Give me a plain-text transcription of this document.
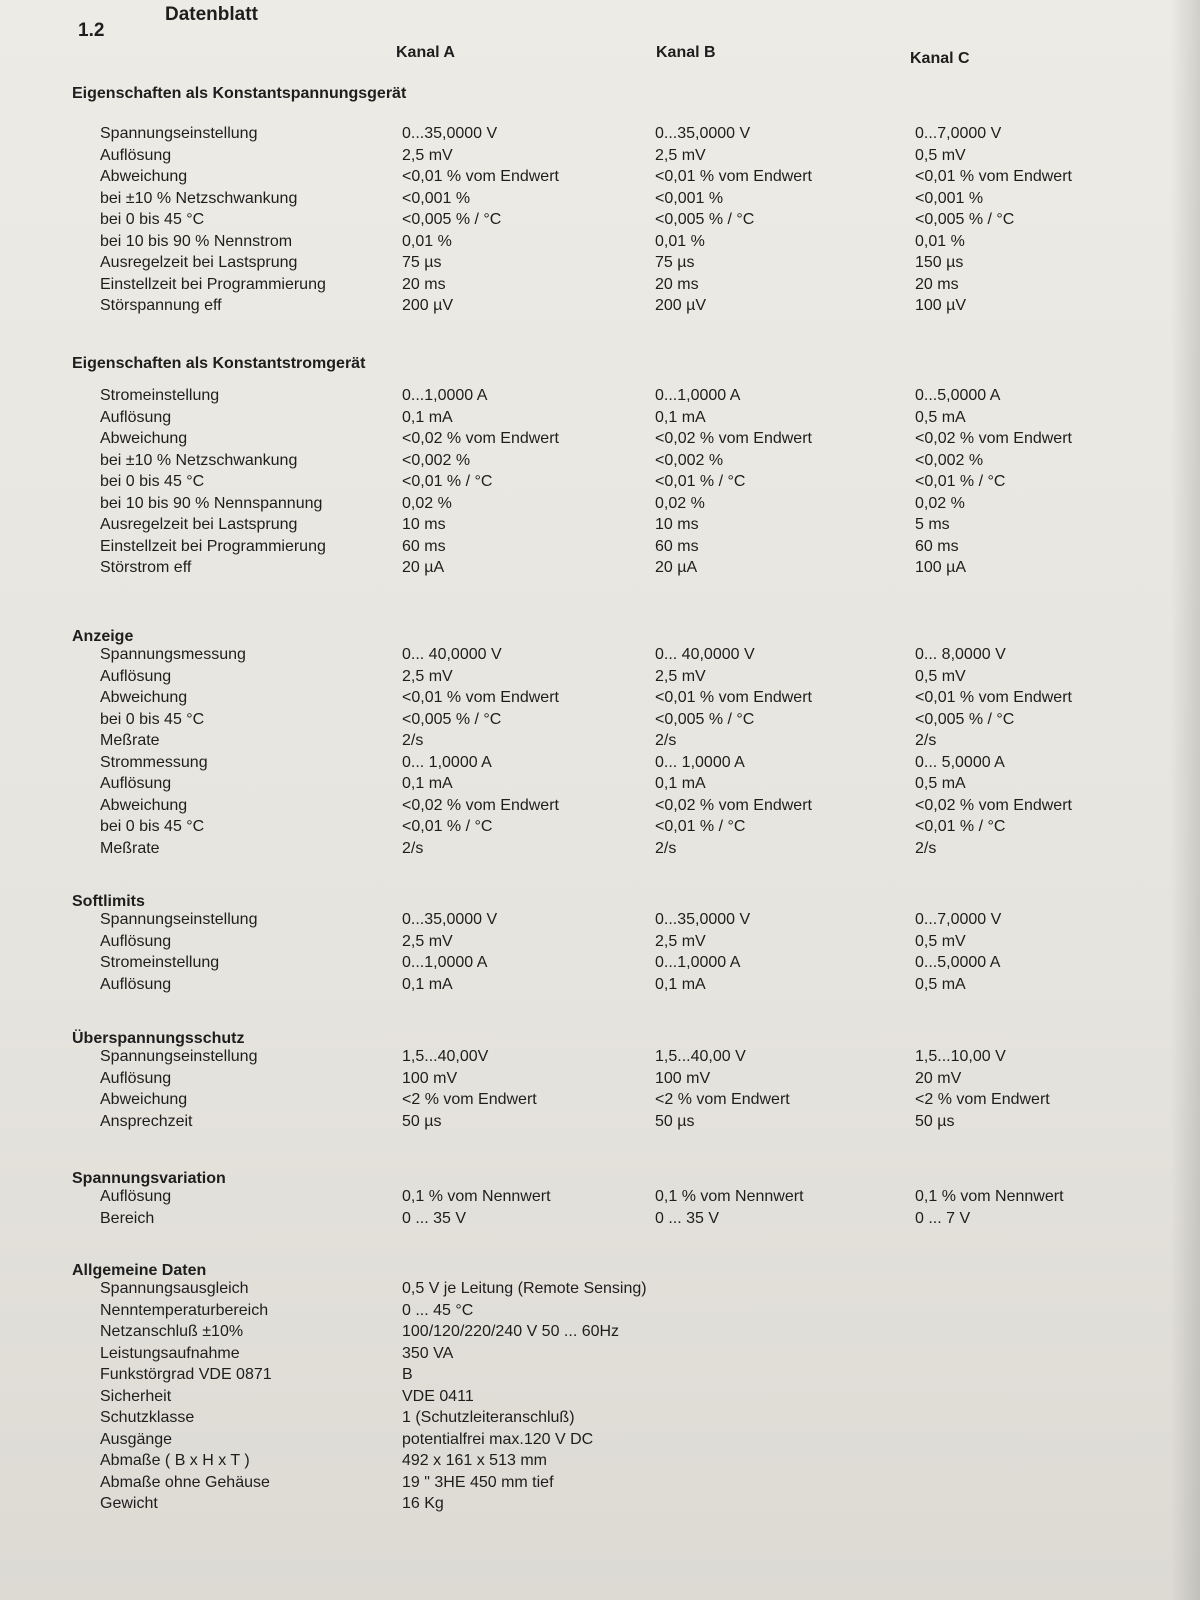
1.2
Datenblatt
Kanal A	Kanal B	Kanal C
Eigenschaften als Konstantspannungsgerät
Spannungseinstellung	0...35,0000 V	0...35,0000 V	0...7,0000 V
Auflösung	2,5 mV	2,5 mV	0,5 mV
Abweichung	<0,01 % vom Endwert	<0,01 % vom Endwert	<0,01 % vom Endwert
bei ±10 % Netzschwankung	<0,001 %	<0,001 %	<0,001 %
bei 0 bis 45 °C	<0,005 % / °C	<0,005 % / °C	<0,005 % / °C
bei 10 bis 90 % Nennstrom	0,01 %	0,01 %	0,01 %
Ausregelzeit bei Lastsprung	75 µs	75 µs	150 µs
Einstellzeit bei Programmierung	20 ms	20 ms	20 ms
Störspannung eff	200 µV	200 µV	100 µV
Eigenschaften als Konstantstromgerät
Stromeinstellung	0...1,0000 A	0...1,0000 A	0...5,0000 A
Auflösung	0,1 mA	0,1 mA	0,5 mA
Abweichung	<0,02 % vom Endwert	<0,02 % vom Endwert	<0,02 % vom Endwert
bei ±10 % Netzschwankung	<0,002 %	<0,002 %	<0,002 %
bei 0 bis 45 °C	<0,01 % / °C	<0,01 % / °C	<0,01 % / °C
bei 10 bis 90 % Nennspannung	0,02 %	0,02 %	0,02 %
Ausregelzeit bei Lastsprung	10 ms	10 ms	5 ms
Einstellzeit bei Programmierung	60 ms	60 ms	60 ms
Störstrom eff	20 µA	20 µA	100 µA
Anzeige
Spannungsmessung	0... 40,0000 V	0... 40,0000 V	0... 8,0000 V
Auflösung	2,5 mV	2,5 mV	0,5 mV
Abweichung	<0,01 % vom Endwert	<0,01 % vom Endwert	<0,01 % vom Endwert
bei 0 bis 45 °C	<0,005 % / °C	<0,005 % / °C	<0,005 % / °C
Meßrate	2/s	2/s	2/s
Strommessung	0... 1,0000 A	0... 1,0000 A	0... 5,0000 A
Auflösung	0,1 mA	0,1 mA	0,5 mA
Abweichung	<0,02 % vom Endwert	<0,02 % vom Endwert	<0,02 % vom Endwert
bei 0 bis 45 °C	<0,01 % / °C	<0,01 % / °C	<0,01 % / °C
Meßrate	2/s	2/s	2/s
Softlimits
Spannungseinstellung	0...35,0000 V	0...35,0000 V	0...7,0000 V
Auflösung	2,5 mV	2,5 mV	0,5 mV
Stromeinstellung	0...1,0000 A	0...1,0000 A	0...5,0000 A
Auflösung	0,1 mA	0,1 mA	0,5 mA
Überspannungsschutz
Spannungseinstellung	1,5...40,00V	1,5...40,00 V	1,5...10,00 V
Auflösung	100 mV	100 mV	20 mV
Abweichung	<2 % vom Endwert	<2 % vom Endwert	<2 % vom Endwert
Ansprechzeit	50 µs	50 µs	50 µs
Spannungsvariation
Auflösung	0,1 % vom Nennwert	0,1 % vom Nennwert	0,1 % vom Nennwert
Bereich	0 ... 35 V	0 ... 35 V	0 ... 7 V
Allgemeine Daten
Spannungsausgleich	0,5 V je Leitung (Remote Sensing)
Nenntemperaturbereich	0 ... 45 °C
Netzanschluß ±10%	100/120/220/240 V 50 ... 60Hz
Leistungsaufnahme	350 VA
Funkstörgrad VDE 0871	B
Sicherheit	VDE 0411
Schutzklasse	1 (Schutzleiteranschluß)
Ausgänge	potentialfrei max.120 V DC
Abmaße ( B x H x T )	492 x 161 x 513 mm
Abmaße ohne Gehäuse	19 " 3HE 450 mm tief
Gewicht	16 Kg
